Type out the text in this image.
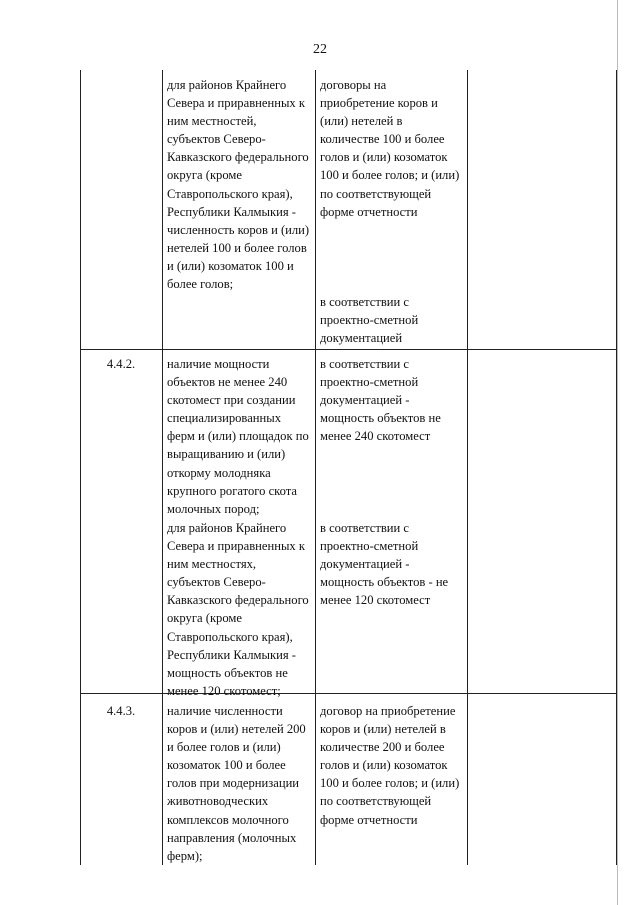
22
для районов Крайнего
Севера и приравненных к
ним местностей,
субъектов Северо-
Кавказского федерального
округа (кроме
Ставропольского края),
Республики Калмыкия -
численность коров и (или)
нетелей 100 и более голов
и (или) козоматок 100 и
более голов;
договоры на
приобретение коров и
(или) нетелей в
количестве 100 и более
голов и (или) козоматок
100 и более голов; и (или)
по соответствующей
форме отчетности
в соответствии с
проектно-сметной
документацией
4.4.2.	наличие мощности
объектов не менее 240
скотомест при создании
специализированных
ферм и (или) площадок по
выращиванию и (или)
откорму молодняка
крупного рогатого скота
молочных пород;
в соответствии с
проектно-сметной
документацией -
мощность объектов не
менее 240 скотомест
для районов Крайнего
Севера и приравненных к
ним местностях,
субъектов Северо-
Кавказского федерального
округа (кроме
Ставропольского края),
Республики Калмыкия -
мощность объектов не
менее 120 скотомест;
в соответствии с
проектно-сметной
документацией -
мощность объектов - не
менее 120 скотомест
4.4.3.	наличие численности
коров и (или) нетелей 200
и более голов и (или)
козоматок 100 и более
голов при модернизации
животноводческих
комплексов молочного
направления (молочных
ферм);
договор на приобретение
коров и (или) нетелей в
количестве 200 и более
голов и (или) козоматок
100 и более голов; и (или)
по соответствующей
форме отчетности
